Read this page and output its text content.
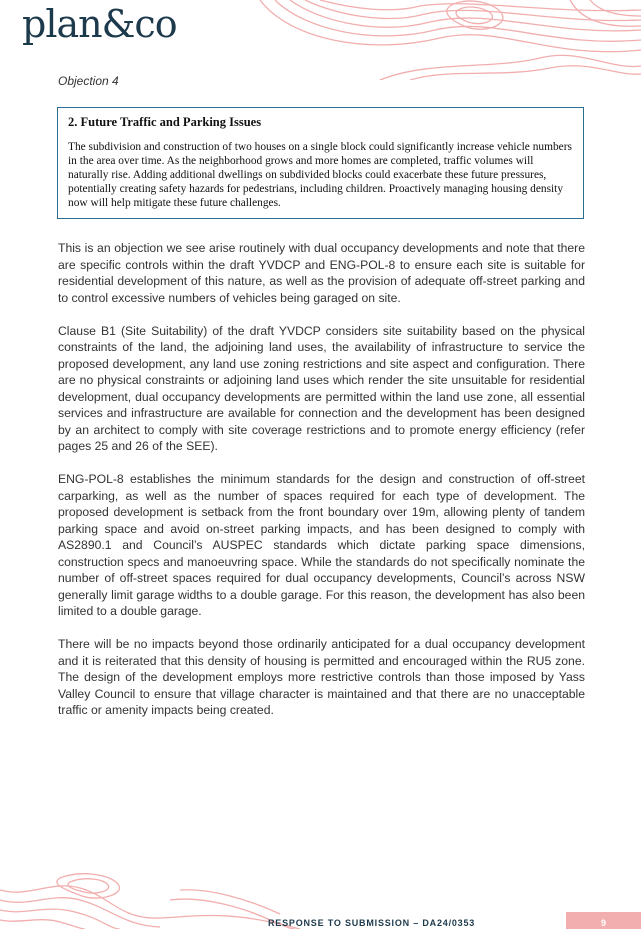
plan&co
Objection 4

2. Future Traffic and Parking Issues

The subdivision and construction of two houses on a single block could significantly increase vehicle numbers in the area over time. As the neighborhood grows and more homes are completed, traffic volumes will naturally rise. Adding additional dwellings on subdivided blocks could exacerbate these future pressures, potentially creating safety hazards for pedestrians, including children. Proactively managing housing density now will help mitigate these future challenges.

This is an objection we see arise routinely with dual occupancy developments and note that there are specific controls within the draft YVDCP and ENG-POL-8 to ensure each site is suitable for residential development of this nature, as well as the provision of adequate off-street parking and to control excessive numbers of vehicles being garaged on site.

Clause B1 (Site Suitability) of the draft YVDCP considers site suitability based on the physical constraints of the land, the adjoining land uses, the availability of infrastructure to service the proposed development, any land use zoning restrictions and site aspect and configuration. There are no physical constraints or adjoining land uses which render the site unsuitable for residential development, dual occupancy developments are permitted within the land use zone, all essential services and infrastructure are available for connection and the development has been designed by an architect to comply with site coverage restrictions and to promote energy efficiency (refer pages 25 and 26 of the SEE).

ENG-POL-8 establishes the minimum standards for the design and construction of off-street carparking, as well as the number of spaces required for each type of development. The proposed development is setback from the front boundary over 19m, allowing plenty of tandem parking space and avoid on-street parking impacts, and has been designed to comply with AS2890.1 and Council’s AUSPEC standards which dictate parking space dimensions, construction specs and manoeuvring space. While the standards do not specifically nominate the number of off-street spaces required for dual occupancy developments, Council’s across NSW generally limit garage widths to a double garage. For this reason, the development has also been limited to a double garage.

There will be no impacts beyond those ordinarily anticipated for a dual occupancy development and it is reiterated that this density of housing is permitted and encouraged within the RU5 zone. The design of the development employs more restrictive controls than those imposed by Yass Valley Council to ensure that village character is maintained and that there are no unacceptable traffic or amenity impacts being created.

RESPONSE TO SUBMISSION – DA24/0353	9
